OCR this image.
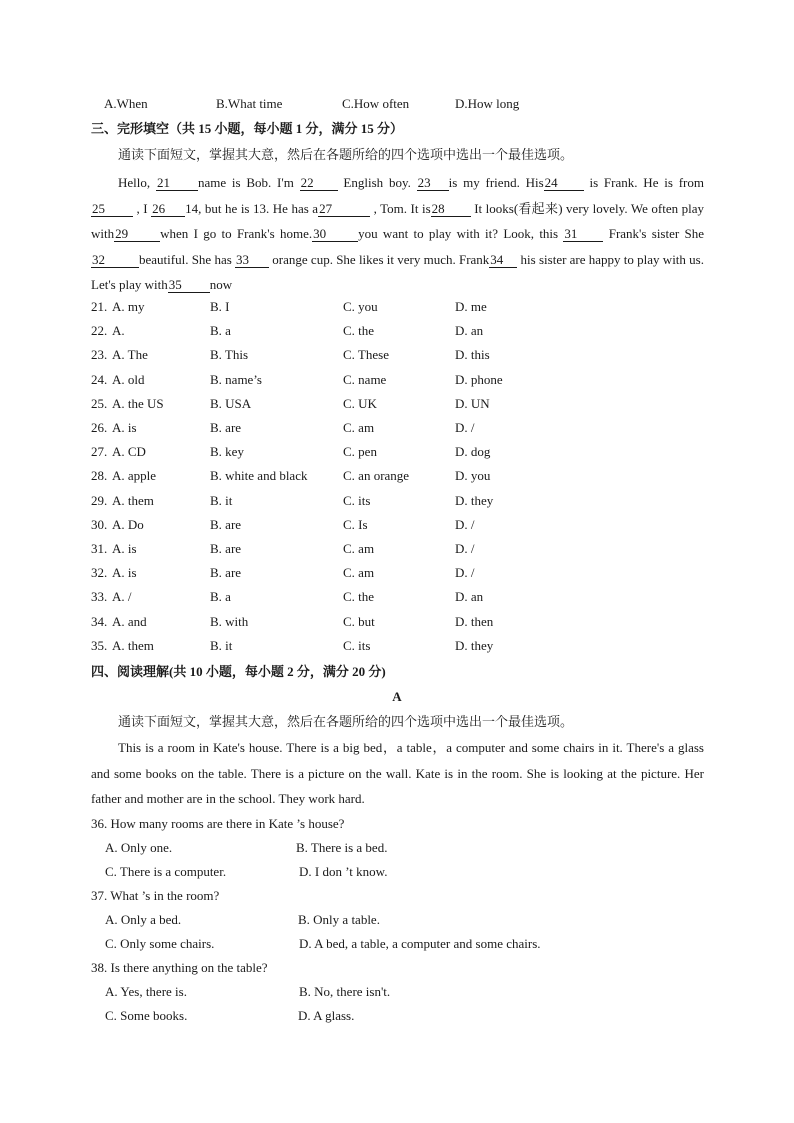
A.When	B.What time	C.How often	D.How long
三、完形填空（共 15 小题，每小题 1 分，满分 15 分）
通读下面短文，掌握其大意，然后在各题所给的四个选项中选出一个最佳选项。
Hello, 21 name is Bob. I'm 22 English boy. 23 is my friend. His24 is Frank. He is from 25 , I 26 14, but he is 13. He has a27	, Tom. It is28 It looks(看起来) very lovely. We often play with29 when I go to Frank's home.30 you want to play with it? Look, this 31 Frank's sister She32	beautiful. She has 33 orange cup. She likes it very much. Frank34 his sister are happy to play with us. Let's play with35 now
21. A. my	B. I	C. you	D. me
22. A.	B. a	C. the	D. an
23. A. The	B. This	C. These	D. this
24. A. old	B. name’s	C. name	D. phone
25. A. the US	B. USA	C. UK	D. UN
26. A. is	B. are	C. am	D. /
27. A. CD	B. key	C. pen	D. dog
28. A. apple	B. white and black	C. an orange	D. you
29. A. them	B. it	C. its	D. they
30. A. Do	B. are	C. Is	D. /
31. A. is	B. are	C. am	D. /
32. A. is	B. are	C. am	D. /
33. A. /	B. a	C. the	D. an
34. A. and	B. with	C. but	D. then
35. A. them	B. it	C. its	D. they
四、阅读理解(共 10 小题，每小题 2 分，满分 20 分)
A
通读下面短文，掌握其大意，然后在各题所给的四个选项中选出一个最佳选项。
This is a room in Kate's house. There is a big bed，a table，a computer and some chairs in it. There's a glass and some books on the table. There is a picture on the wall. Kate is in the room. She is looking at the picture. Her father and mother are in the school. They work hard.
36. How many rooms are there in Kate ’s house?
A. Only one.	B. There is a bed.
C. There is a computer.	D. I don ’t know.
37. What ’s in the room?
A. Only a bed.	B. Only a table.
C. Only some chairs.	D. A bed, a table, a computer and some chairs.
38. Is there anything on the table?
A. Yes, there is.	B. No, there isn't.
C. Some books.	D. A glass.
